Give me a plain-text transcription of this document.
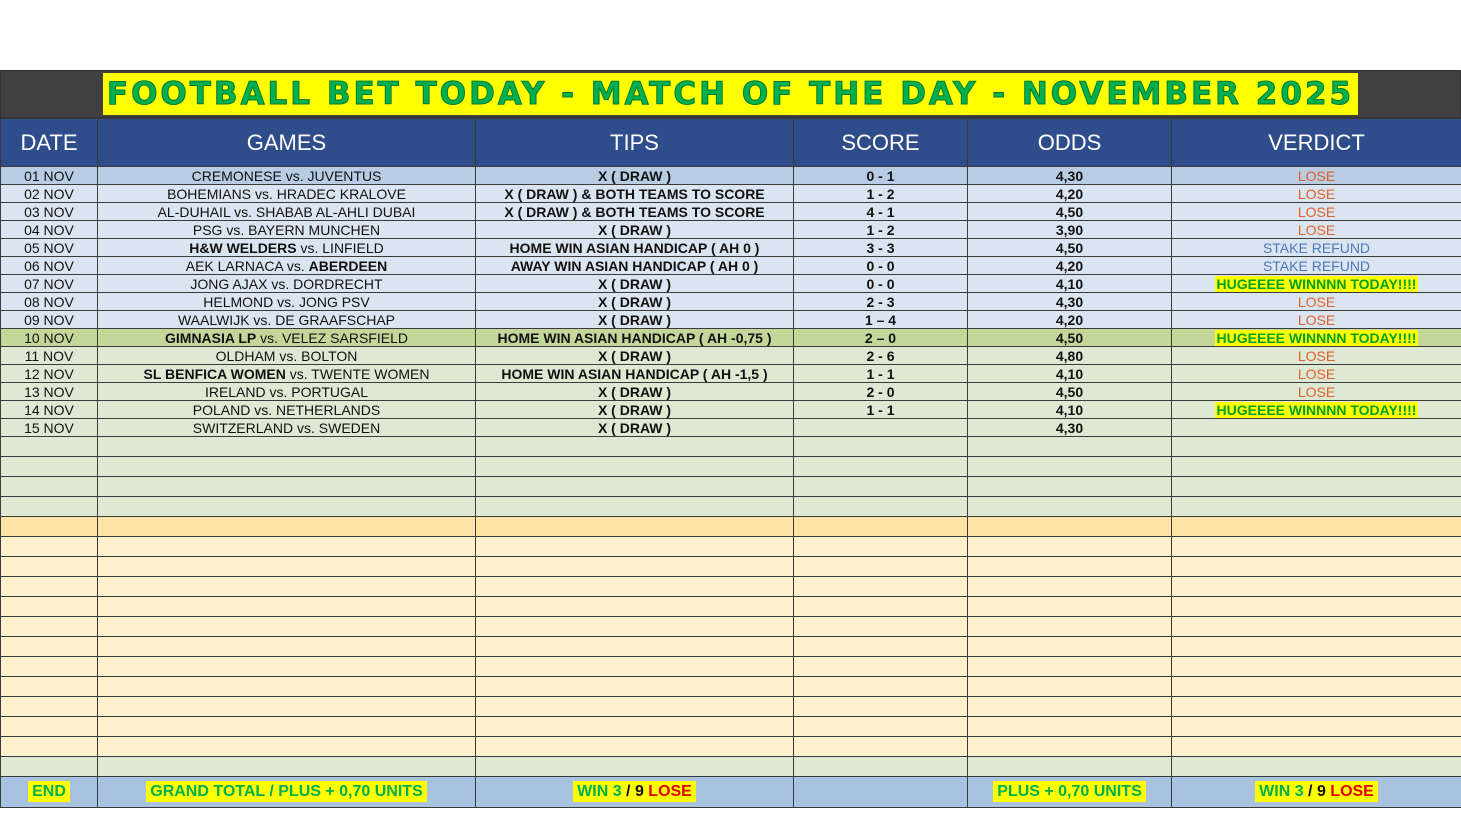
FOOTBALL BET TODAY - MATCH OF THE DAY - NOVEMBER 2025
DATE	GAMES	TIPS	SCORE	ODDS	VERDICT
01 NOV	CREMONESE vs. JUVENTUS	X ( DRAW )	0 - 1	4,30	LOSE
02 NOV	BOHEMIANS vs. HRADEC KRALOVE	X ( DRAW ) & BOTH TEAMS TO SCORE	1 - 2	4,20	LOSE
03 NOV	AL-DUHAIL vs. SHABAB AL-AHLI DUBAI	X ( DRAW ) & BOTH TEAMS TO SCORE	4 - 1	4,50	LOSE
04 NOV	PSG vs. BAYERN MUNCHEN	X ( DRAW )	1 - 2	3,90	LOSE
05 NOV	H&W WELDERS vs. LINFIELD	HOME WIN ASIAN HANDICAP ( AH 0 )	3 - 3	4,50	STAKE REFUND
06 NOV	AEK LARNACA vs. ABERDEEN	AWAY WIN ASIAN HANDICAP ( AH 0 )	0 - 0	4,20	STAKE REFUND
07 NOV	JONG AJAX vs. DORDRECHT	X ( DRAW )	0 - 0	4,10	HUGEEEE WINNNN TODAY!!!!
08 NOV	HELMOND vs. JONG PSV	X ( DRAW )	2 - 3	4,30	LOSE
09 NOV	WAALWIJK vs. DE GRAAFSCHAP	X ( DRAW )	1 – 4	4,20	LOSE
10 NOV	GIMNASIA LP vs. VELEZ SARSFIELD	HOME WIN ASIAN HANDICAP ( AH -0,75 )	2 – 0	4,50	HUGEEEE WINNNN TODAY!!!!
11 NOV	OLDHAM vs. BOLTON	X ( DRAW )	2 - 6	4,80	LOSE
12 NOV	SL BENFICA WOMEN vs. TWENTE WOMEN	HOME WIN ASIAN HANDICAP ( AH -1,5 )	1 - 1	4,10	LOSE
13 NOV	IRELAND vs. PORTUGAL	X ( DRAW )	2 - 0	4,50	LOSE
14 NOV	POLAND vs. NETHERLANDS	X ( DRAW )	1 - 1	4,10	HUGEEEE WINNNN TODAY!!!!
15 NOV	SWITZERLAND vs. SWEDEN	X ( DRAW )		4,30	

END	GRAND TOTAL / PLUS + 0,70 UNITS	WIN 3 / 9 LOSE		PLUS + 0,70 UNITS	WIN 3 / 9 LOSE
